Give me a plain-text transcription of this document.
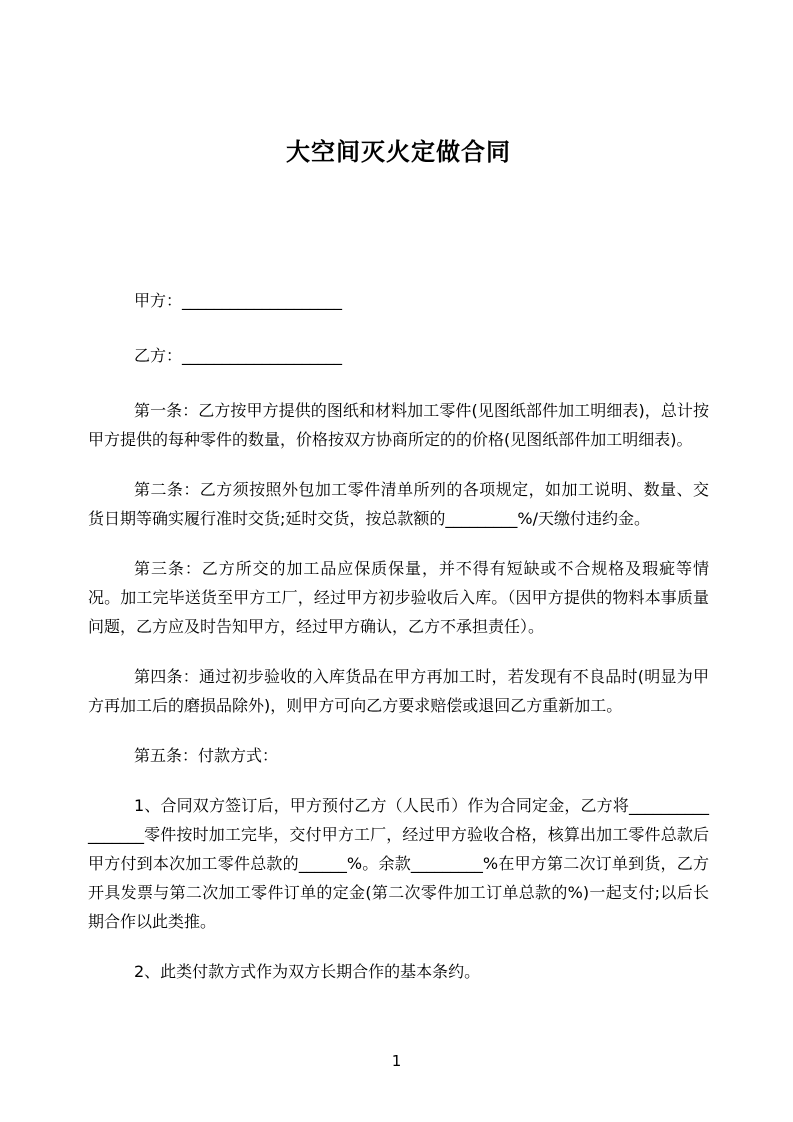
大空间灭火定做合同

甲方：____________________

乙方：____________________

第一条：乙方按甲方提供的图纸和材料加工零件(见图纸部件加工明细表)，总计按甲方提供的每种零件的数量，价格按双方协商所定的的价格(见图纸部件加工明细表)。

第二条：乙方须按照外包加工零件清单所列的各项规定，如加工说明、数量、交货日期等确实履行准时交货;延时交货，按总款额的_________%/天缴付违约金。

第三条：乙方所交的加工品应保质保量，并不得有短缺或不合规格及瑕疵等情况。加工完毕送货至甲方工厂，经过甲方初步验收后入库。（因甲方提供的物料本事质量问题，乙方应及时告知甲方，经过甲方确认，乙方不承担责任）。

第四条：通过初步验收的入库货品在甲方再加工时，若发现有不良品时(明显为甲方再加工后的磨损品除外)，则甲方可向乙方要求赔偿或退回乙方重新加工。

第五条：付款方式：

1、合同双方签订后，甲方预付乙方（人民币）作为合同定金，乙方将_________________零件按时加工完毕，交付甲方工厂，经过甲方验收合格，核算出加工零件总款后甲方付到本次加工零件总款的______%。余款_________%在甲方第二次订单到货，乙方开具发票与第二次加工零件订单的定金(第二次零件加工订单总款的%)一起支付;以后长期合作以此类推。

2、此类付款方式作为双方长期合作的基本条约。

1
